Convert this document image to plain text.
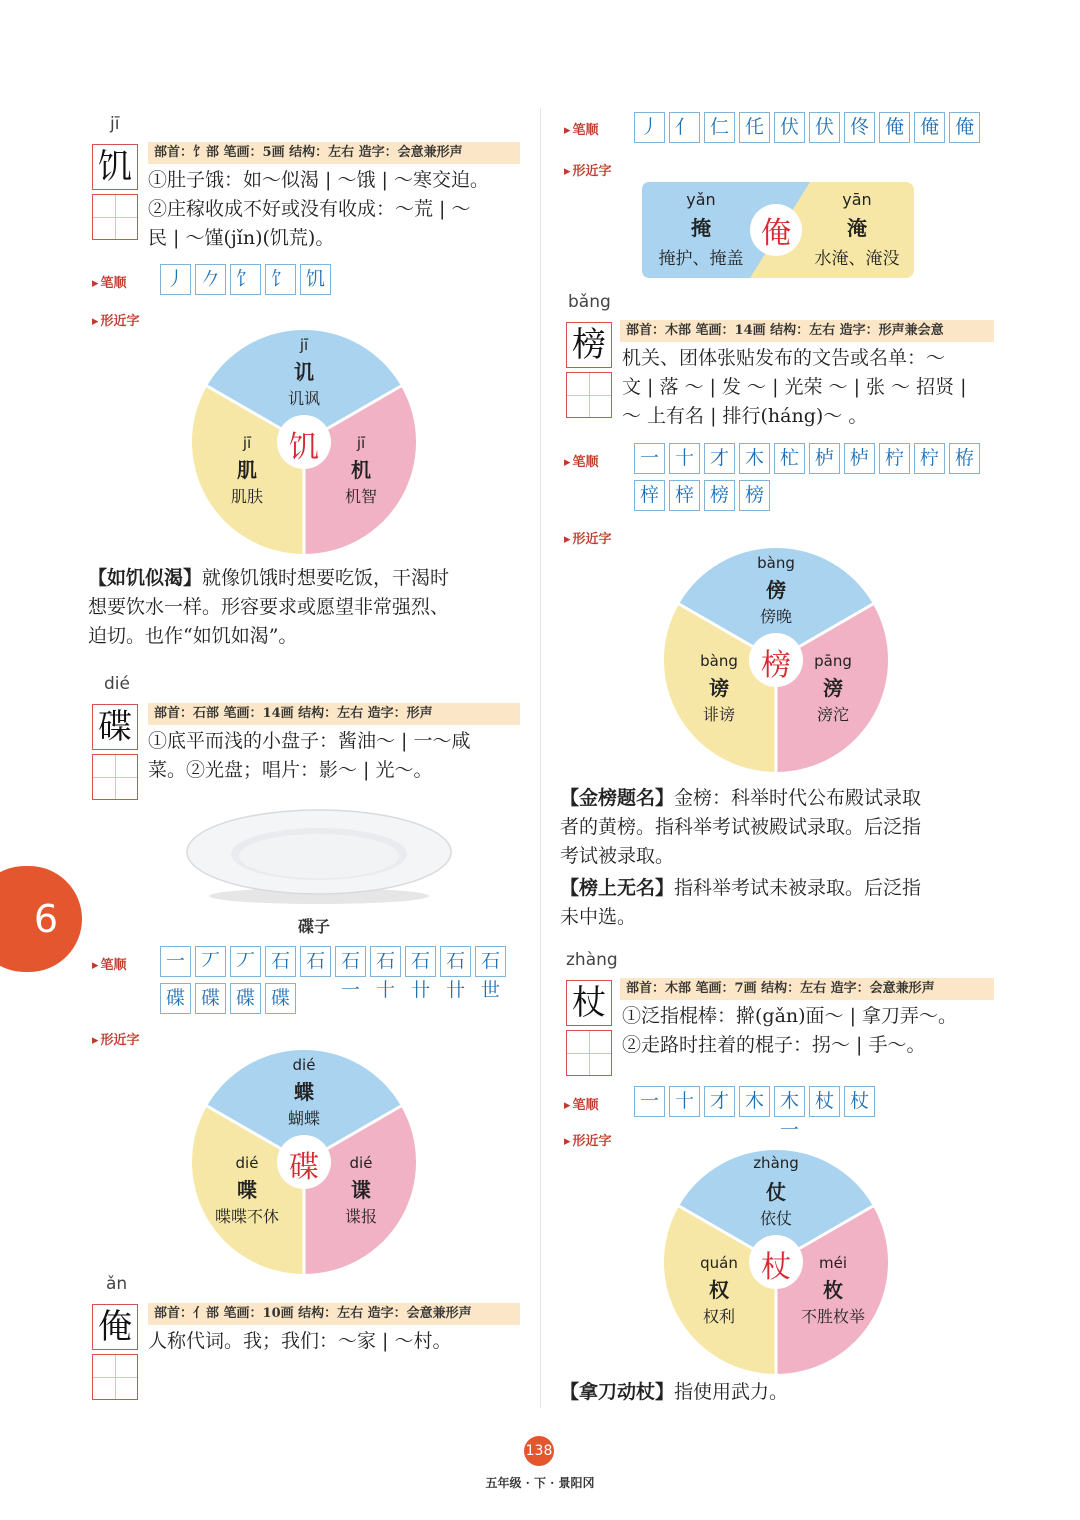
jī
饥	部首：饣部 笔画：5画 结构：左右 造字：会意兼形声
①肚子饿：如～似渴 | ～饿 | ～寒交迫。
②庄稼收成不好或没有收成：～荒 | ～
民 | ～馑(jǐn)(饥荒)。
▸ 笔顺	丿 𠂊 饣 饣 饥
▸ 形近字
饥
jī
讥
讥讽
jī
肌
肌肤
jī
机
机智
【如饥似渴】就像饥饿时想要吃饭，干渴时
想要饮水一样。形容要求或愿望非常强烈、
迫切。也作“如饥如渴”。
dié
碟	部首：石部 笔画：14画 结构：左右 造字：形声
①底平而浅的小盘子：酱油～ | 一～咸
菜。②光盘；唱片：影～ | 光～。
碟子
▸ 笔顺	一 丆 丆 石 石 石一
石十
石卄
石卄
石世
碟 碟 碟 碟
▸ 形近字
碟
dié
蝶
蝴蝶
dié
喋
喋喋不休
dié
谍
谍报
ǎn
俺	部首：亻部 笔画：10画 结构：左右 造字：会意兼形声
人称代词。我；我们：～家 | ～村。
▸ 笔顺	丿 亻 仁 仛 伏 伏 佟 俺 俺 俺
▸ 形近字
俺
yǎn
掩
掩护、掩盖
yān
淹
水淹、淹没
bǎng
榜	部首：木部 笔画：14画 结构：左右 造字：形声兼会意
机关、团体张贴发布的文告或名单：～
文 | 落 ～ | 发 ～ | 光荣 ～ | 张 ～ 招贤 |
～ 上有名 | 排行(háng)～ 。
▸ 笔顺	一 十 才 木 杧 栌 栌 柠 柠 栫
梓 梓 榜 榜
▸ 形近字
榜
bàng
傍
傍晚
bàng
谤
诽谤
pāng
滂
滂沱
【金榜题名】金榜：科举时代公布殿试录取
者的黄榜。指科举考试被殿试录取。后泛指
考试被录取。
【榜上无名】指科举考试未被录取。后泛指
未中选。
zhàng
杖	部首：木部 笔画：7画 结构：左右 造字：会意兼形声
①泛指棍棒：擀(gǎn)面～ | 拿刀弄～。
②走路时拄着的棍子：拐～ | 手～。
▸ 笔顺	一 十 才 木 木一
杖 杖
▸ 形近字
杖
zhàng
仗
依仗
quán
权
权利
méi
枚
不胜枚举
【拿刀动杖】指使用武力。
6
138
五年级 · 下 · 景阳冈
